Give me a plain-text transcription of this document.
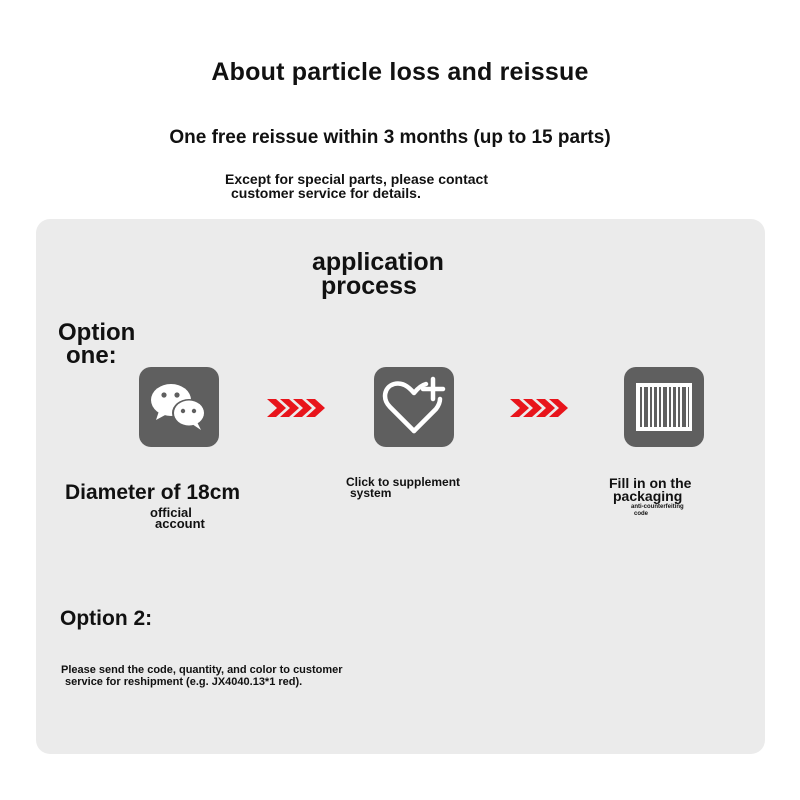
About particle loss and reissue
One free reissue within 3 months (up to 15 parts)
Except for special parts, please contact
customer service for details.
application
process
Option
one:
Diameter of 18cm
official
account
Click to supplement
system
Fill in on the
packaging
anti-counterfeiting
code
Option 2:
Please send the code, quantity, and color to customer
service for reshipment (e.g. JX4040.13*1 red).
